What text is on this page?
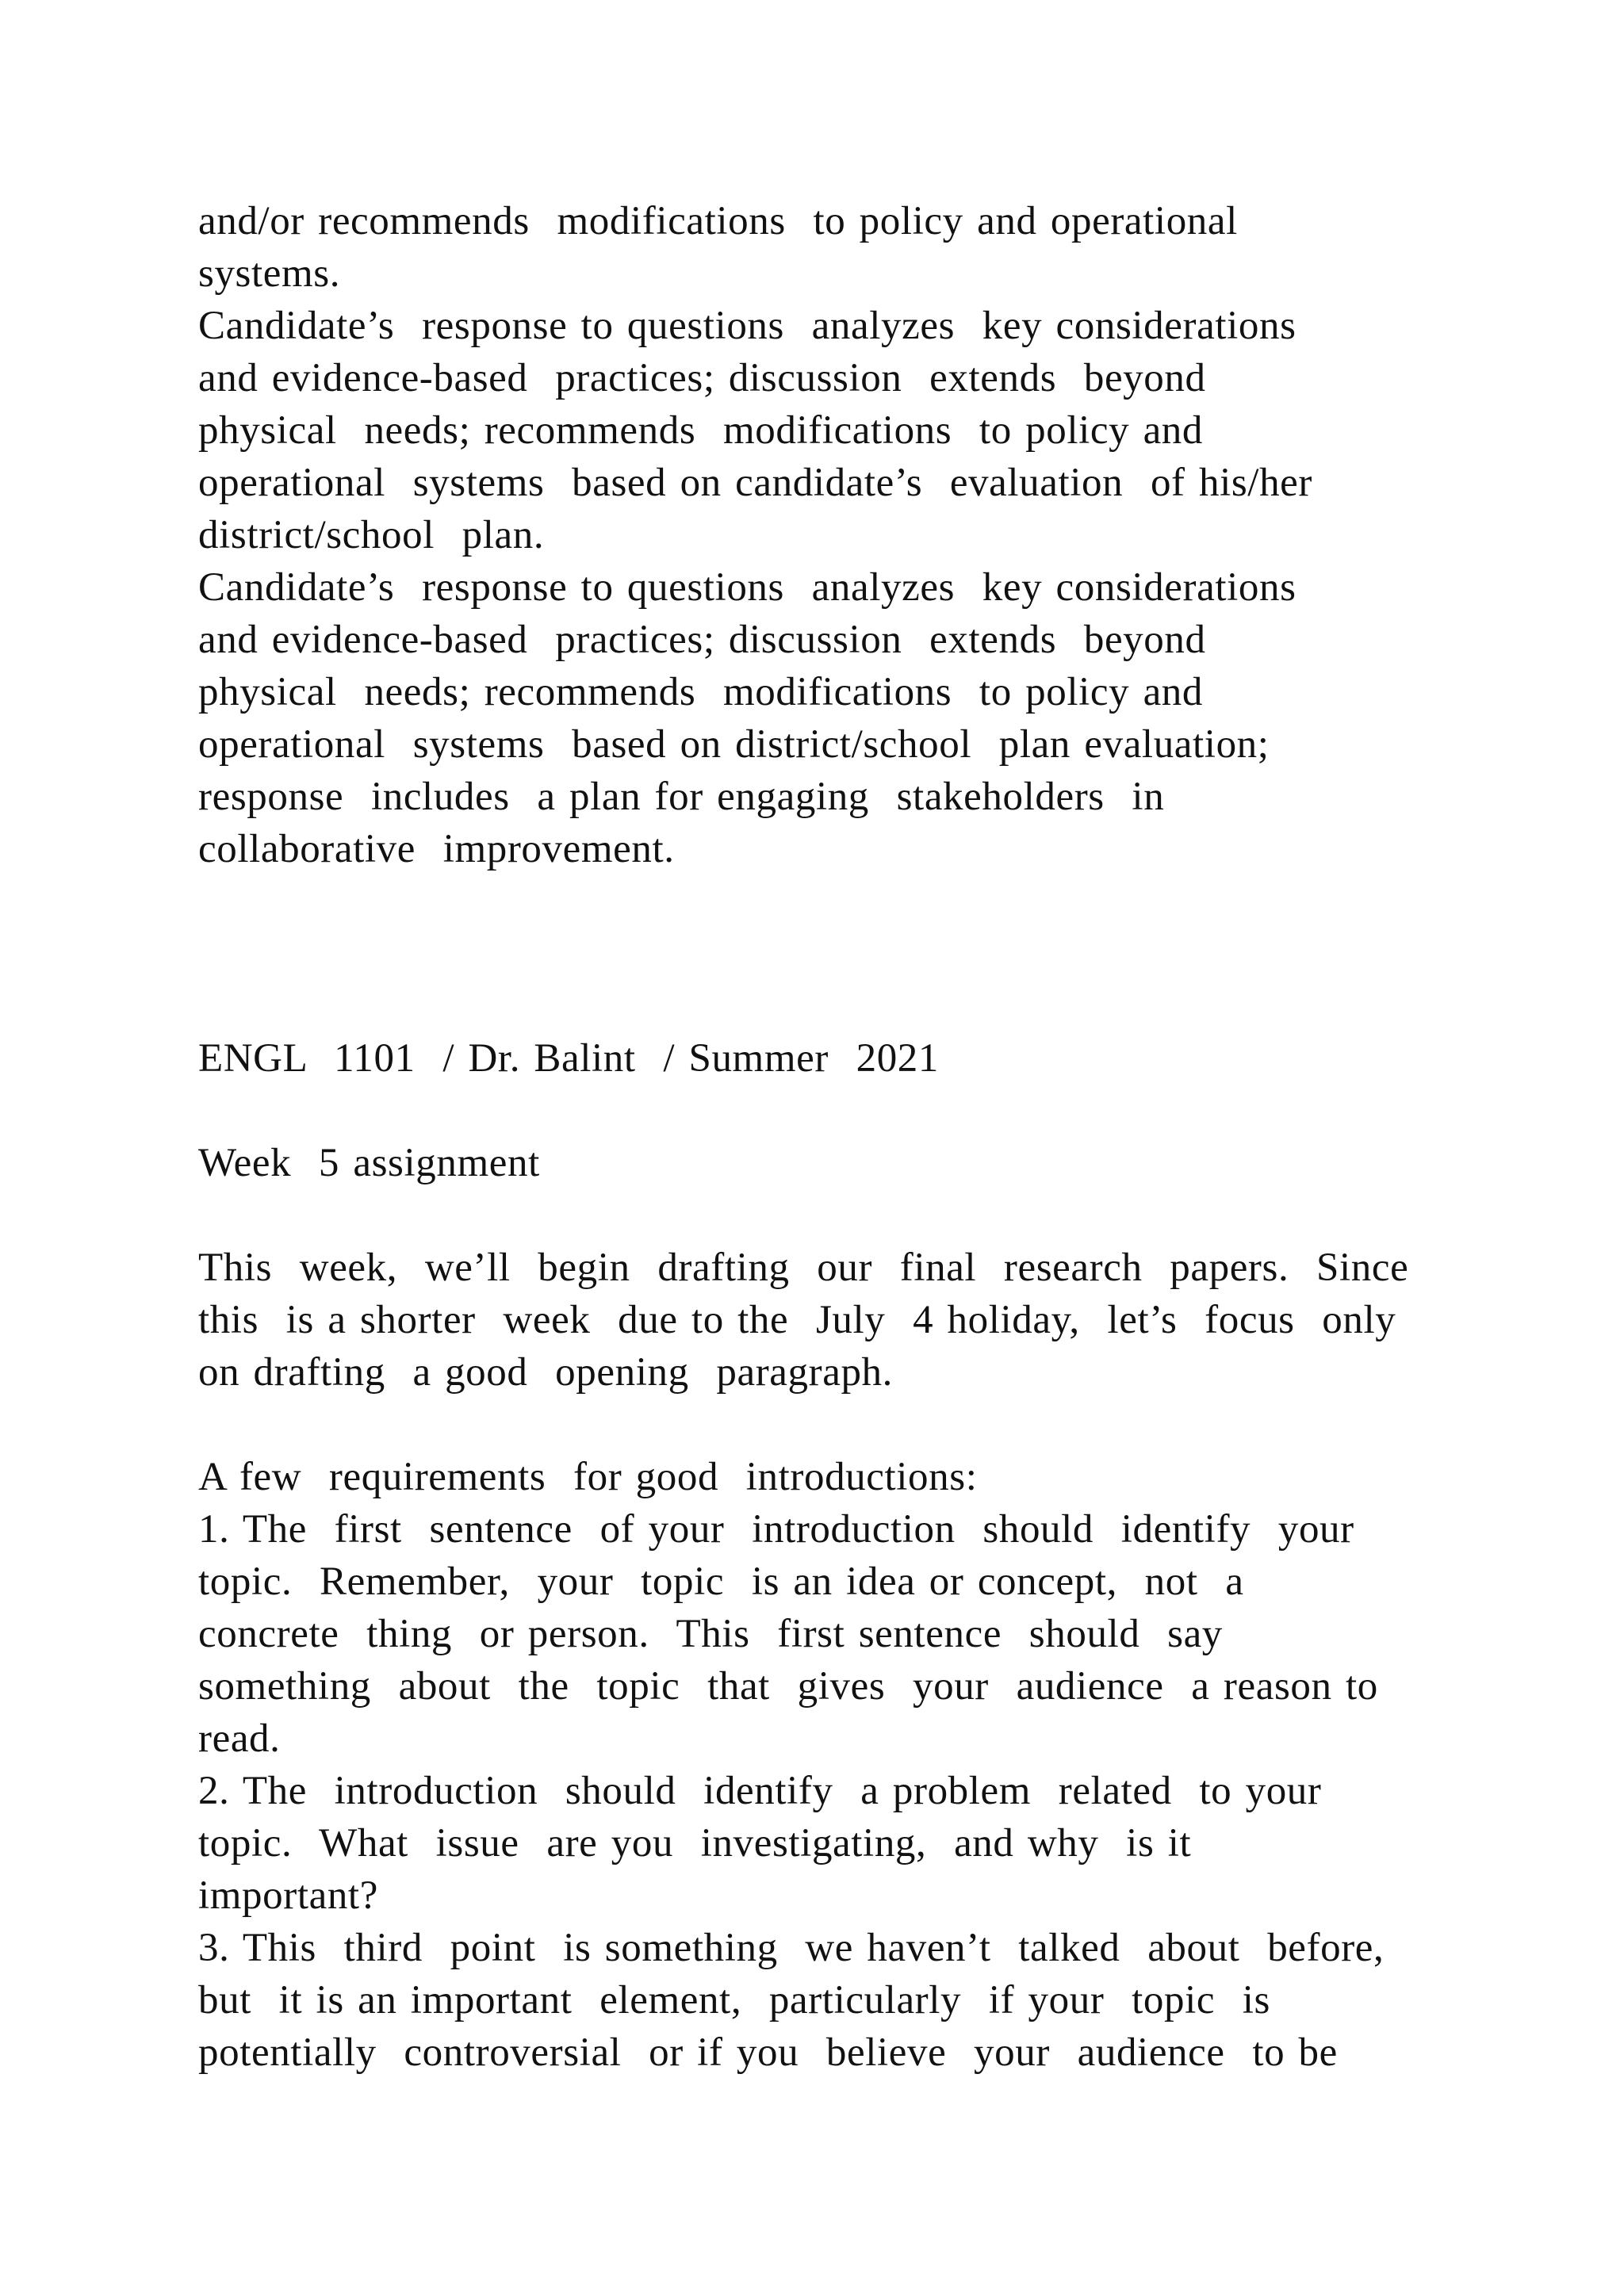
and/or recommends  modifications  to policy and operational
systems.
Candidate’s  response to questions  analyzes  key considerations
and evidence-based  practices; discussion  extends  beyond
physical  needs; recommends  modifications  to policy and
operational  systems  based on candidate’s  evaluation  of his/her
district/school  plan.
Candidate’s  response to questions  analyzes  key considerations
and evidence-based  practices; discussion  extends  beyond
physical  needs; recommends  modifications  to policy and
operational  systems  based on district/school  plan evaluation;
response  includes  a plan for engaging  stakeholders  in
collaborative  improvement.
ENGL  1101  / Dr. Balint  / Summer  2021
Week  5 assignment
This  week,  we’ll  begin  drafting  our  final  research  papers.  Since
this  is a shorter  week  due to the  July  4 holiday,  let’s  focus  only
on drafting  a good  opening  paragraph.
A few  requirements  for good  introductions:
1. The  first  sentence  of your  introduction  should  identify  your
topic.  Remember,  your  topic  is an idea or concept,  not  a
concrete  thing  or person.  This  first sentence  should  say
something  about  the  topic  that  gives  your  audience  a reason to
read.
2. The  introduction  should  identify  a problem  related  to your
topic.  What  issue  are you  investigating,  and why  is it
important?
3. This  third  point  is something  we haven’t  talked  about  before,
but  it is an important  element,  particularly  if your  topic  is
potentially  controversial  or if you  believe  your  audience  to be
